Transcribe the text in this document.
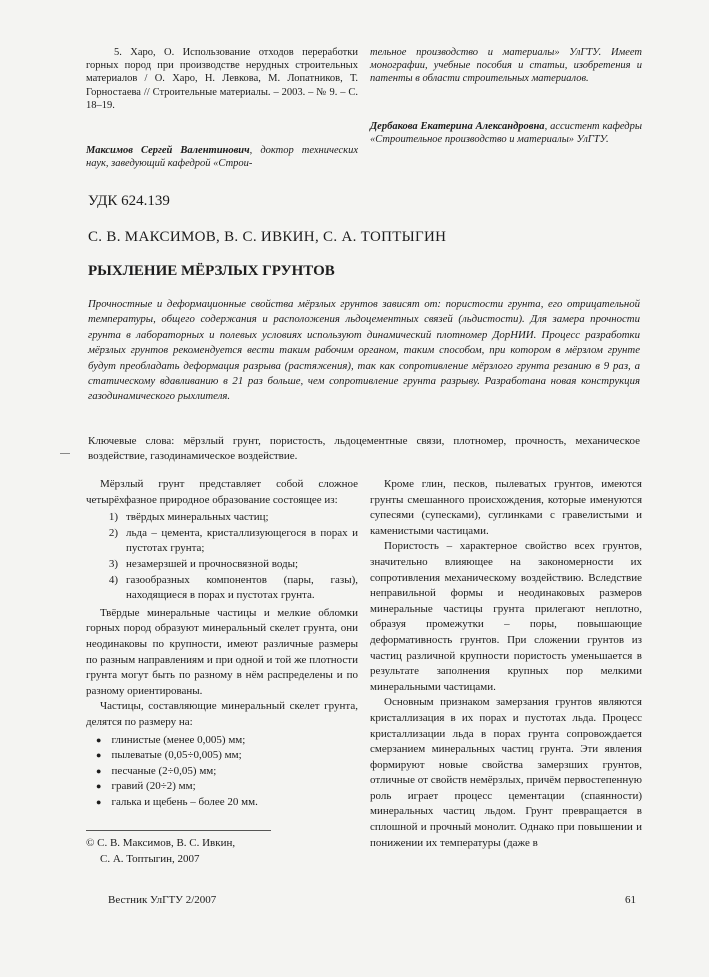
5. Харо, О. Использование отходов переработки горных пород при производстве нерудных строительных материалов / О. Харо, Н. Левкова, М. Лопатников, Т. Горностаева // Строительные материалы. – 2003. – № 9. – С. 18–19.
Максимов Сергей Валентинович, доктор технических наук, заведующий кафедрой «Строи-
тельное производство и материалы» УлГТУ. Имеет монографии, учебные пособия и статьи, изобретения и патенты в области строительных материалов.
Дербакова Екатерина Александровна, ассистент кафедры «Строительное производство и материалы» УлГТУ.
УДК 624.139
С. В. МАКСИМОВ, В. С. ИВКИН, С. А. ТОПТЫГИН
РЫХЛЕНИЕ МЁРЗЛЫХ ГРУНТОВ
Прочностные и деформационные свойства мёрзлых грунтов зависят от: пористости грунта, его отрицательной температуры, общего содержания и расположения льдоцементных связей (льдистости). Для замера прочности грунта в лабораторных и полевых условиях используют динамический плотномер ДорНИИ. Процесс разработки мёрзлых грунтов рекомендуется вести таким рабочим органом, таким способом, при котором в мёрзлом грунте будут преобладать деформация разрыва (растяжения), так как сопротивление мёрзлого грунта резанию в 9 раз, а статическому вдавливанию в 21 раз больше, чем сопротивление грунта разрыву. Разработана новая конструкция газодинамического рыхлителя.
Ключевые слова: мёрзлый грунт, пористость, льдоцементные связи, плотномер, прочность, механическое воздействие, газодинамическое воздействие.

Мёрзлый грунт представляет собой сложное четырёхфазное природное образование состоящее из:

1) твёрдых минеральных частиц;
2) льда – цемента, кристаллизующегося в порах и пустотах грунта;
3) незамерзшей и прочносвязной воды;
4) газообразных компонентов (пары, газы), находящиеся в порах и пустотах грунта.

Твёрдые минеральные частицы и мелкие обломки горных пород образуют минеральный скелет грунта, они неодинаковы по крупности, имеют различные размеры по разным направлениям и при одной и той же плотности грунта могут быть по разному в нём распределены и по разному ориентированы.

Частицы, составляющие минеральный скелет грунта, делятся по размеру на:

● глинистые (менее 0,005) мм;
● пылеватые (0,05÷0,005) мм;
● песчаные (2÷0,05) мм;
● гравий (20÷2) мм;
● галька и щебень – более 20 мм.

Кроме глин, песков, пылеватых грунтов, имеются грунты смешанного происхождения, которые именуются супесями (супесками), суглинками с гравелистыми и каменистыми частицами.

Пористость – характерное свойство всех грунтов, значительно влияющее на закономерности их сопротивления механическому воздействию. Вследствие неправильной формы и неодинаковых размеров минеральные частицы грунта прилегают неплотно, образуя промежутки – поры, повышающие деформативность грунтов. При сложении грунтов из частиц различной крупности пористость уменьшается в результате заполнения крупных пор мелкими минеральными частицами.

Основным признаком замерзания грунтов являются кристаллизация в их порах и пустотах льда. Процесс кристаллизации льда в порах грунта сопровождается смерзанием минеральных частиц грунта. Эти явления формируют новые свойства замерзших грунтов, отличные от свойств немёрзлых, причём первостепенную роль играет процесс цементации (спаянности) минеральных частиц льдом. Грунт превращается в сплошной и прочный монолит. Однако при повышении и понижении их температуры (даже в

© С. В. Максимов, В. С. Ивкин,
С. А. Топтыгин, 2007
Вестник УлГТУ 2/2007	61
